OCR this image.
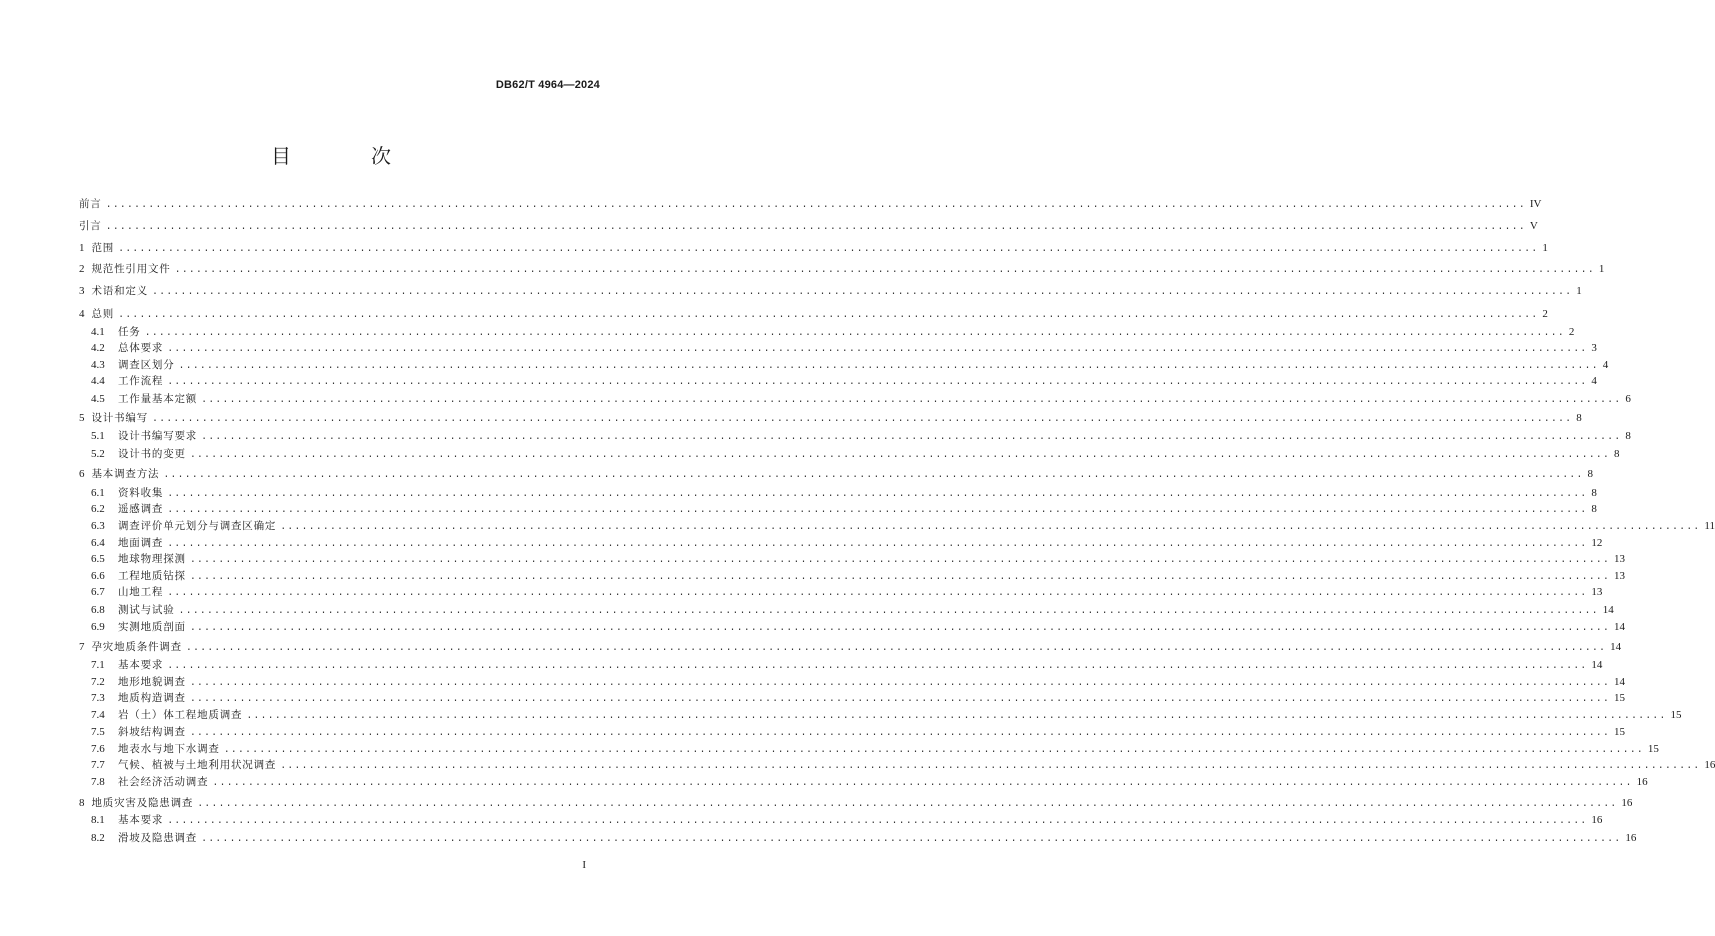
DB62/T 4964—2024
目　次
前言 ........................................................................................................................................................................................................ IV
引言 ........................................................................................................................................................................................................ V
1 范围 ........................................................................................................................................................................................................ 1
2 规范性引用文件 ........................................................................................................................................................................................................ 1
3 术语和定义 ........................................................................................................................................................................................................ 1
4 总则 ........................................................................................................................................................................................................ 2
4.1	任务 ........................................................................................................................................................................................................ 2
4.2	总体要求 ........................................................................................................................................................................................................ 3
4.3	调查区划分 ........................................................................................................................................................................................................ 4
4.4	工作流程 ........................................................................................................................................................................................................ 4
4.5	工作量基本定额 ........................................................................................................................................................................................................ 6
5 设计书编写 ........................................................................................................................................................................................................ 8
5.1	设计书编写要求 ........................................................................................................................................................................................................ 8
5.2	设计书的变更 ........................................................................................................................................................................................................ 8
6 基本调查方法 ........................................................................................................................................................................................................ 8
6.1	资料收集 ........................................................................................................................................................................................................ 8
6.2	遥感调查 ........................................................................................................................................................................................................ 8
6.3	调查评价单元划分与调查区确定 ........................................................................................................................................................................................................ 11
6.4	地面调查 ........................................................................................................................................................................................................ 12
6.5	地球物理探测 ........................................................................................................................................................................................................ 13
6.6	工程地质钻探 ........................................................................................................................................................................................................ 13
6.7	山地工程 ........................................................................................................................................................................................................ 13
6.8	测试与试验 ........................................................................................................................................................................................................ 14
6.9	实测地质剖面 ........................................................................................................................................................................................................ 14
7 孕灾地质条件调查 ........................................................................................................................................................................................................ 14
7.1	基本要求 ........................................................................................................................................................................................................ 14
7.2	地形地貌调查 ........................................................................................................................................................................................................ 14
7.3	地质构造调查 ........................................................................................................................................................................................................ 15
7.4	岩（土）体工程地质调查 ........................................................................................................................................................................................................ 15
7.5	斜坡结构调查 ........................................................................................................................................................................................................ 15
7.6	地表水与地下水调查 ........................................................................................................................................................................................................ 15
7.7	气候、植被与土地利用状况调查 ........................................................................................................................................................................................................ 16
7.8	社会经济活动调查 ........................................................................................................................................................................................................ 16
8 地质灾害及隐患调查 ........................................................................................................................................................................................................ 16
8.1	基本要求 ........................................................................................................................................................................................................ 16
8.2	滑坡及隐患调查 ........................................................................................................................................................................................................ 16
I
